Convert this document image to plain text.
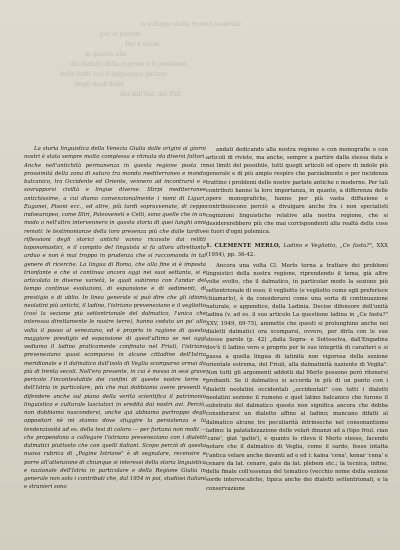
lo sviluppo della ricerca lessicale
per le parlate
Per il nome
in quanto alle
dei dialetti della regione e il problema
delle fonti con il linguaggio parlato
degli studi della
dei dall'Ind. del Poll.

La storia linguistica della Venezia Giulia dalle origini ai giorni nostri è stata sempre molto complessa e ritmata da diversi fattori. Anche nell'antichità permanenza in questa regione posta in prossimità della zona di sutura tra mondo mediterraneo e mondo balcanico, tra Occidente ed Oriente, vennero ad incontrarsi e a sovrapporsi civiltà e lingue diverse. Stirpi mediterranee antichissime, a cui diamo convenzionalmente i nomi di Liguri, Euganei, Pisoni ecc., ed altre, più tardi sopravvenute, di ceppo indoeuropeo, come Illiri, Paleoveneti e Celti, sono quelle che in un modo o nell'altro intervennero in questa storia di quei lunghi anni remoti: le testimonianze della loro presenza più che dalle tardive riflessioni degli storici antichi vanno ricavate dai relitti toponomastici, e il compito del linguista si fa allora altrettanto arduo e non è mai troppo in prudenza che si raccomanda in tal genere di ricerche. La lingua di Roma, che alla fine si è imposta trionfante e che si continua ancora oggi nei suoi settanta, si è articolata in diverse varietà, le quali subirono con l'andar del tempo continue evoluzioni, di espansione e di sedimenti, di prestigio e di oblio. In linea generale si può dire che gli idiomi neolatini più antichi, il ladino, l'istriano preveneziano e il vegliotto (così la sezione più settentrionale del dalmatico, l'unica che interessa direttamente le nostre terre), hanno ceduto un po' alla volta il passo al veneziano, ed è proprio in ragione di questo maggiore prestigio ed espansione di quest'ultimo se nei oggi vediamo il ladino praticamente confinato nel Friuli, l'istriano preveneziano quasi scomparso in alcune cittadine dell'Istria meridionale e il dalmatico dall'isola di Veglia scomparso ormai da più di trenta secoli. Nell'era presente, in cui è messa in sesi grave pericolo l'incontestabile dei confini di queste nostre terre e dell'Istria in particolare, più che mai dobbiamo avere presenti a difendere anche sul piano della verità scientifica il patrimonio linguistico e culturale lasciatoci in eredità dai nostri avi. Perciò, non dobbiamo nascondervi, anche qui abbiamo purtroppo degli oppositori nè mi stanno dove sfuggire la persistenza e la tendenziosità ad es. della tesi di coloro — per fortuna non molti — che propendono a collegare l'istriano preveneziano con i dialetti dalmatici piuttosto che con quelli italiani. Scopo perciò di questa nuova rubrica di „Pagine Istriane" è di segnalare, recensire e porre all'attenzione di chiunque si interessi della storia linguistica e nazionale dell'Istria in particolare e della Regione Giulia in generale non solo i contributi che, dal 1954 in poi, studiosi italiani e stranieri sono

andati dedicando alla nostra regione o con monografie o con articoli di riviste, ma anche, sempre a partire dalla stessa data e nei limiti del possibile, tutti quegli articoli od opere di indole più generale e di più ampio respiro che parzialmente o per incidenza trattino i problemi delle nostre parlate antiche o moderne. Per tali contributi hanno la loro importanza, in quanto, a differenza delle opere monografiche, hanno per più vasta diffusione e contribuiscono perciò a divulgare anche fra i non specialisti cognizioni linguistiche relative alla nostra regione, che si desidererebbero più che mai corrispondenti alla realtà delle cose e fuori d'ogni polemica.

1. CLEMENTE MERLO, Ladino e Vegliotto, „Ce fastu?", XXX (1954), pp. 36-42.

Ancora una volta Cl. Merlo torna a trattare dei problemi linguistici della nostra regione, riprendendo il tema, già altre volte svolto, che il dalmatico, in particolar modo la sezione più settentrionale di esso, il vegliotto (e vegliotto come egli preferisce chiamarlo), è da considerarsi come una sorta di continuazione naturale, o appendice, della Ladinia. Decise difensore dell'unità ladina (v. ad es. il suo articolo La questione ladina in „Ce fastu?" XXV, 1949, 69-75), ammette che questi si prolunghino anche nei dialetti dalmatici ora scomparsi, ovvero, per dirla con le sue stesse parole (p. 42) „dalla Sopra- e Sottoselva, dall'Engadina dov'è il ladino vero e proprio per le sue integrità di caratteri e si passa a quella lingua di latinità non vigorosa della sezione orientale estrema, del Friuli, alla dalmatinità naziente di Veglia". Non tutti gli argomenti addotti dal Merlo possono però ritenersi probanti. Se il dalmatico si accorda in più di un punto con i dialetti neolatini occidentali „occidentali" con tutti i dialetti neolatini sezione il rumeno e quel latino balcanico che furono il substrato del dalmatico questo non significa ancora che debba considerarsi un dialetto affine al ladino; mancano difatti al dalmatico alcune tre peculiarità intrinseche nel consonantismo ladino: la palatalizzazione delle velari dinanzi ad a (tipo friul. cian 'cane', giat 'gatto'), e quanto lo rileva il Merlo stesso, facendo notare che il dalmatico di Veglia, come il sardo, fosse intatta l'antica velare anche davanti ad e ed i: kaina 'cena', kenar 'cena' e cenare da lat. cenare, gate da lat. plebem etc.; la tecnica, infine, della finale coll'essenza del tematico (vecchio nome della sezione sorde intervocaliche, tipica anche dei dialetti settentrionali, e la conservazione
